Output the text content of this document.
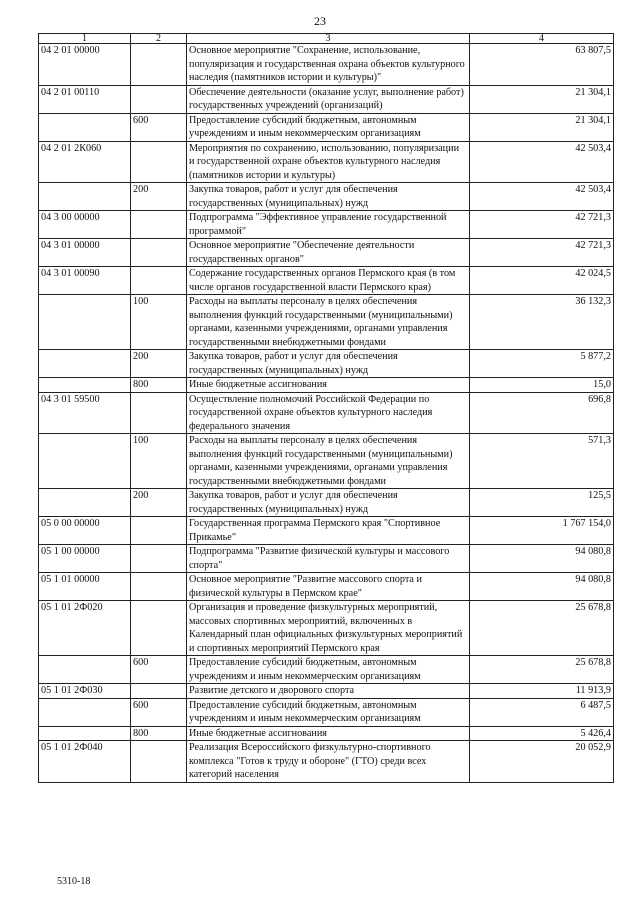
23
1	2	3	4
04 2 01 00000		Основное мероприятие "Сохранение, использование, популяризация и государственная охрана объектов культурного наследия (памятников истории и культуры)"	63 807,5
04 2 01 00110		Обеспечение деятельности (оказание услуг, выполнение работ) государственных учреждений (организаций)	21 304,1
	600	Предоставление субсидий бюджетным, автономным учреждениям и иным некоммерческим организациям	21 304,1
04 2 01 2К060		Мероприятия по сохранению, использованию, популяризации и государственной охране объектов культурного наследия (памятников истории и культуры)	42 503,4
	200	Закупка товаров, работ и услуг для обеспечения государственных (муниципальных) нужд	42 503,4
04 3 00 00000		Подпрограмма "Эффективное управление государственной программой"	42 721,3
04 3 01 00000		Основное мероприятие "Обеспечение деятельности государственных органов"	42 721,3
04 3 01 00090		Содержание государственных органов Пермского края (в том числе органов государственной власти Пермского края)	42 024,5
	100	Расходы на выплаты персоналу в целях обеспечения выполнения функций государственными (муниципальными) органами, казенными учреждениями, органами управления государственными внебюджетными фондами	36 132,3
	200	Закупка товаров, работ и услуг для обеспечения государственных (муниципальных) нужд	5 877,2
	800	Иные бюджетные ассигнования	15,0
04 3 01 59500		Осуществление полномочий Российской Федерации по государственной охране объектов культурного наследия федерального значения	696,8
	100	Расходы на выплаты персоналу в целях обеспечения выполнения функций государственными (муниципальными) органами, казенными учреждениями, органами управления государственными внебюджетными фондами	571,3
	200	Закупка товаров, работ и услуг для обеспечения государственных (муниципальных) нужд	125,5
05 0 00 00000		Государственная программа Пермского края "Спортивное Прикамье"	1 767 154,0
05 1 00 00000		Подпрограмма "Развитие физической культуры и массового спорта"	94 080,8
05 1 01 00000		Основное мероприятие "Развитие массового спорта и физической культуры в Пермском крае"	94 080,8
05 1 01 2Ф020		Организация и проведение физкультурных мероприятий, массовых спортивных мероприятий, включенных в Календарный план официальных физкультурных мероприятий и спортивных мероприятий Пермского края	25 678,8
	600	Предоставление субсидий бюджетным, автономным учреждениям и иным некоммерческим организациям	25 678,8
05 1 01 2Ф030		Развитие детского и дворового спорта	11 913,9
	600	Предоставление субсидий бюджетным, автономным учреждениям и иным некоммерческим организациям	6 487,5
	800	Иные бюджетные ассигнования	5 426,4
05 1 01 2Ф040		Реализация Всероссийского физкультурно-спортивного комплекса "Готов к труду и обороне" (ГТО) среди всех категорий населения	20 052,9
5310-18
